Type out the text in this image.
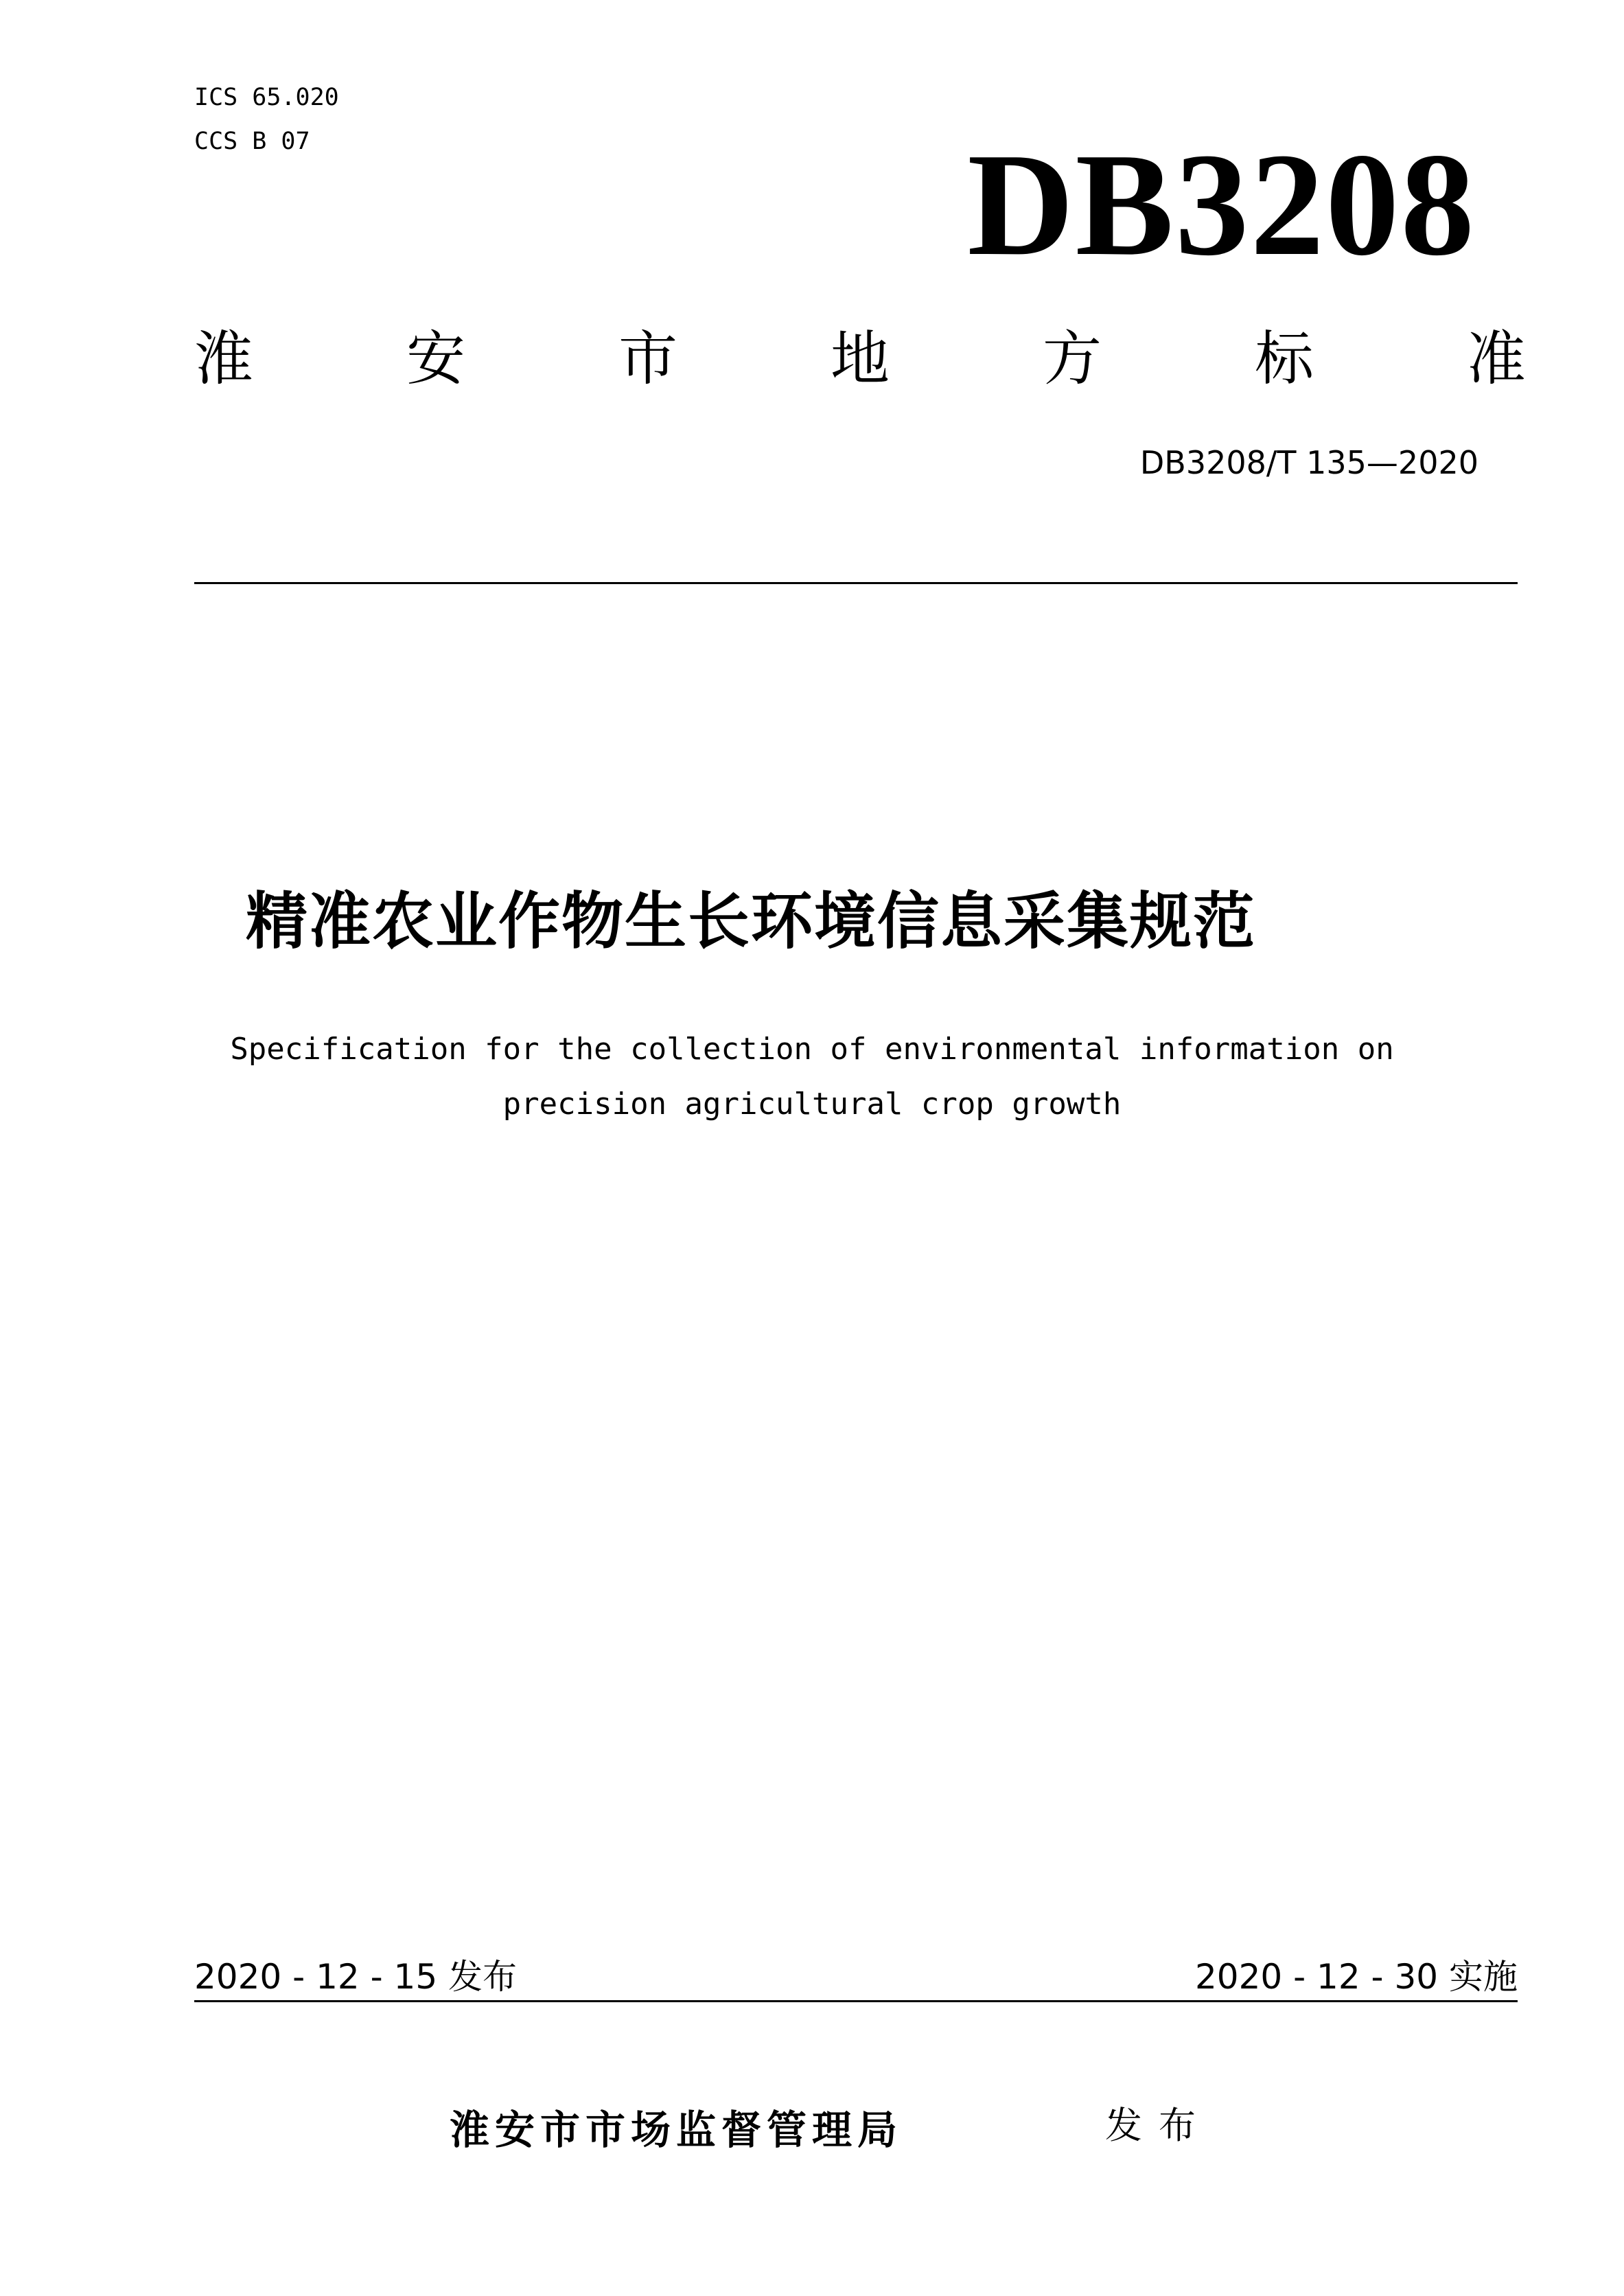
ICS 65.020
CCS B 07	DB3208
淮	安	市	地	方	标	准
DB3208/T 135—2020
精准农业作物生长环境信息采集规范
Specification for the collection of environmental information on
precision agricultural crop growth
2020 - 12 - 15 发布	2020 - 12 - 30 实施
淮安市市场监督管理局	发布
